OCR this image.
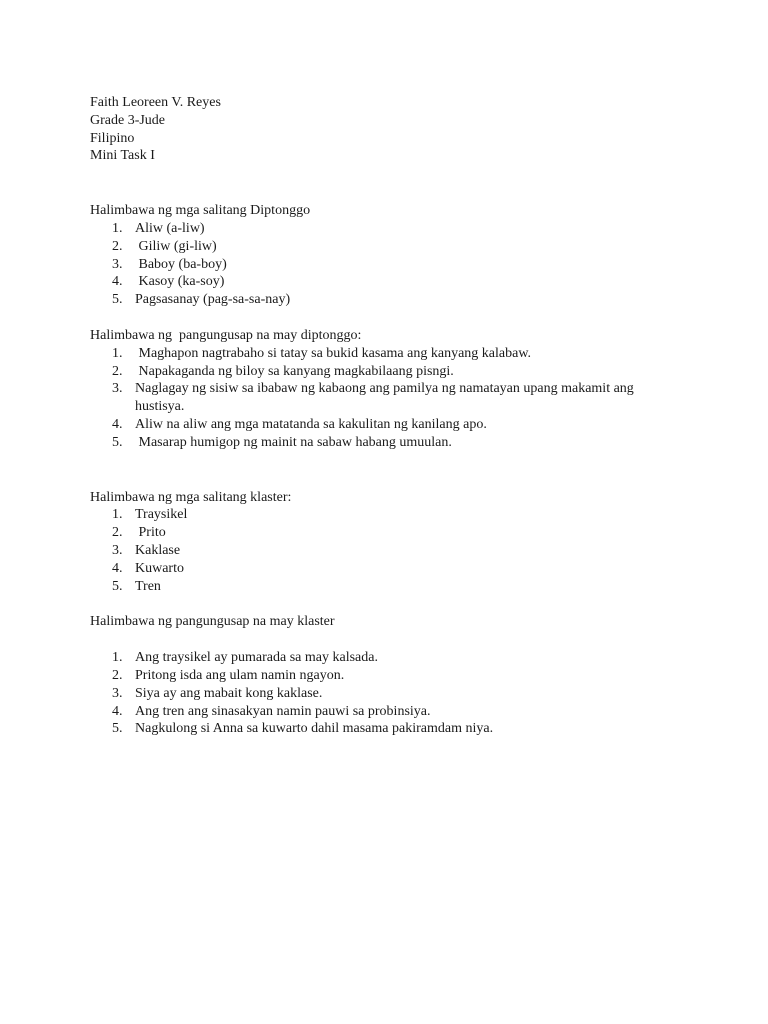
Faith Leoreen V. Reyes
Grade 3-Jude
Filipino
Mini Task I
Halimbawa ng mga salitang Diptonggo
1. Aliw (a-liw)
2. Giliw (gi-liw)
3. Baboy (ba-boy)
4. Kasoy (ka-soy)
5. Pagsasanay (pag-sa-sa-nay)
Halimbawa ng  pangungusap na may diptonggo:
1. Maghapon nagtrabaho si tatay sa bukid kasama ang kanyang kalabaw.
2. Napakaganda ng biloy sa kanyang magkabilaang pisngi.
3. Naglagay ng sisiw sa ibabaw ng kabaong ang pamilya ng namatayan upang makamit ang hustisya.
4. Aliw na aliw ang mga matatanda sa kakulitan ng kanilang apo.
5. Masarap humigop ng mainit na sabaw habang umuulan.
Halimbawa ng mga salitang klaster:
1. Traysikel
2. Prito
3. Kaklase
4. Kuwarto
5. Tren
Halimbawa ng pangungusap na may klaster
1. Ang traysikel ay pumarada sa may kalsada.
2. Pritong isda ang ulam namin ngayon.
3. Siya ay ang mabait kong kaklase.
4. Ang tren ang sinasakyan namin pauwi sa probinsiya.
5. Nagkulong si Anna sa kuwarto dahil masama pakiramdam niya.
